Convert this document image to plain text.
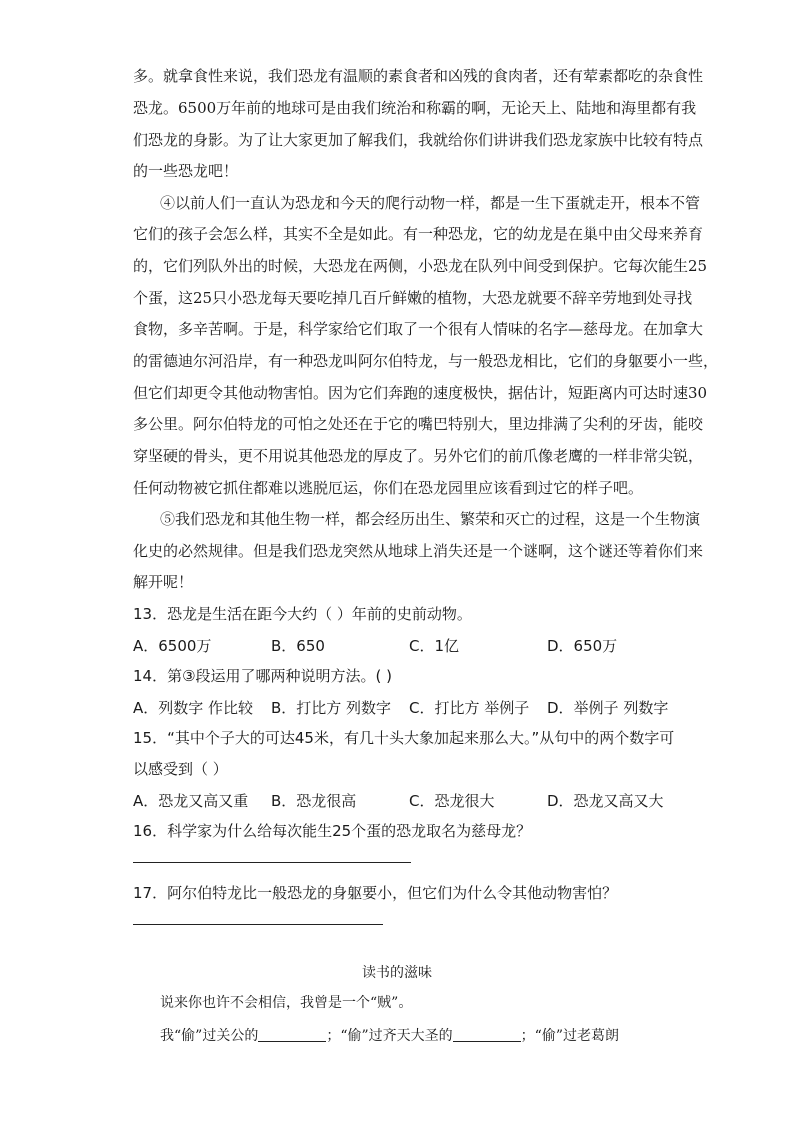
多。就拿食性来说，我们恐龙有温顺的素食者和凶残的食肉者，还有荤素都吃的杂食性
恐龙。6500万年前的地球可是由我们统治和称霸的啊，无论天上、陆地和海里都有我
们恐龙的身影。为了让大家更加了解我们，我就给你们讲讲我们恐龙家族中比较有特点
的一些恐龙吧！
④以前人们一直认为恐龙和今天的爬行动物一样，都是一生下蛋就走开，根本不管
它们的孩子会怎么样，其实不全是如此。有一种恐龙，它的幼龙是在巢中由父母来养育
的，它们列队外出的时候，大恐龙在两侧，小恐龙在队列中间受到保护。它每次能生25
个蛋，这25只小恐龙每天要吃掉几百斤鲜嫩的植物，大恐龙就要不辞辛劳地到处寻找
食物，多辛苦啊。于是，科学家给它们取了一个很有人情味的名字—慈母龙。在加拿大
的雷德迪尔河沿岸，有一种恐龙叫阿尔伯特龙，与一般恐龙相比，它们的身躯要小一些，
但它们却更令其他动物害怕。因为它们奔跑的速度极快，据估计，短距离内可达时速30
多公里。阿尔伯特龙的可怕之处还在于它的嘴巴特别大，里边排满了尖利的牙齿，能咬
穿坚硬的骨头，更不用说其他恐龙的厚皮了。另外它们的前爪像老鹰的一样非常尖锐，
任何动物被它抓住都难以逃脱厄运，你们在恐龙园里应该看到过它的样子吧。
⑤我们恐龙和其他生物一样，都会经历出生、繁荣和灭亡的过程，这是一个生物演
化史的必然规律。但是我们恐龙突然从地球上消失还是一个谜啊，这个谜还等着你们来
解开呢！
13．恐龙是生活在距今大约（ ）年前的史前动物。
A．6500万	B．650	C．1亿	D．650万
14．第③段运用了哪两种说明方法。( )
A．列数字 作比较 B．打比方 列数字 C．打比方 举例子 D．举例子 列数字
15．“其中个子大的可达45米，有几十头大象加起来那么大。”从句中的两个数字可
以感受到（ ）
A．恐龙又高又重 B．恐龙很高	C．恐龙很大	D．恐龙又高又大
16．科学家为什么给每次能生25个蛋的恐龙取名为慈母龙？
17．阿尔伯特龙比一般恐龙的身躯要小，但它们为什么令其他动物害怕？
读书的滋味
说来你也许不会相信，我曾是一个“贼”。
我“偷”过关公的	；“偷”过齐天大圣的	；“偷”过老葛朗
